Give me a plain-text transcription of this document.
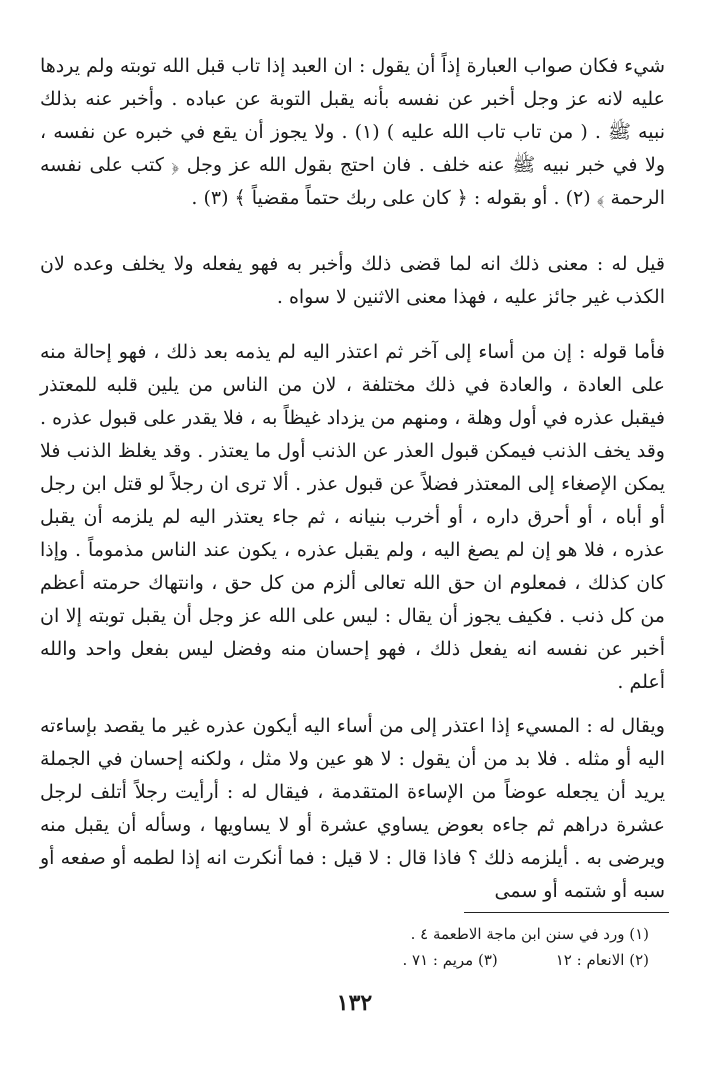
شيء فكان صواب العبارة إذاً أن يقول : ان العبد إذا تاب قبل الله توبته ولم يردها عليه لانه عز وجل أخبر عن نفسه بأنه يقبل التوبة عن عباده . وأخبر عنه بذلك نبيه ﷺ . ( من تاب تاب الله عليه ) (١) . ولا يجوز أن يقع في خبره عن نفسه ، ولا في خبر نبيه ﷺ عنه خلف . فان احتج بقول الله عز وجل ﴿ كتب على نفسه الرحمة ﴾ (٢) . أو بقوله : ﴿ كان على ربك حتماً مقضياً ﴾ (٣) .

قيل له : معنى ذلك انه لما قضى ذلك وأخبر به فهو يفعله ولا يخلف وعده لان الكذب غير جائز عليه ، فهذا معنى الاثنين لا سواه .

فأما قوله : إن من أساء إلى آخر ثم اعتذر اليه لم يذمه بعد ذلك ، فهو إحالة منه على العادة ، والعادة في ذلك مختلفة ، لان من الناس من يلين قلبه للمعتذر فيقبل عذره في أول وهلة ، ومنهم من يزداد غيظاً به ، فلا يقدر على قبول عذره . وقد يخف الذنب فيمكن قبول العذر عن الذنب أول ما يعتذر . وقد يغلظ الذنب فلا يمكن الإصغاء إلى المعتذر فضلاً عن قبول عذر . ألا ترى ان رجلاً لو قتل ابن رجل أو أباه ، أو أحرق داره ، أو أخرب بنيانه ، ثم جاء يعتذر اليه لم يلزمه أن يقبل عذره ، فلا هو إن لم يصغ اليه ، ولم يقبل عذره ، يكون عند الناس مذموماً . وإذا كان كذلك ، فمعلوم ان حق الله تعالى ألزم من كل حق ، وانتهاك حرمته أعظم من كل ذنب . فكيف يجوز أن يقال : ليس على الله عز وجل أن يقبل توبته إلا ان أخبر عن نفسه انه يفعل ذلك ، فهو إحسان منه وفضل ليس بفعل واحد والله أعلم .

ويقال له : المسيء إذا اعتذر إلى من أساء اليه أيكون عذره غير ما يقصد بإساءته اليه أو مثله . فلا بد من أن يقول : لا هو عين ولا مثل ، ولكنه إحسان في الجملة يريد أن يجعله عوضاً من الإساءة المتقدمة ، فيقال له : أرأيت رجلاً أتلف لرجل عشرة دراهم ثم جاءه بعوض يساوي عشرة أو لا يساويها ، وسأله أن يقبل منه ويرضى به . أيلزمه ذلك ؟ فاذا قال : لا قيل : فما أنكرت انه إذا لطمه أو صفعه أو سبه أو شتمه أو سمى

(١) ورد في سنن ابن ماجة الاطعمة ٤ .
(٢) الانعام : ١٢(٣) مريم : ٧١ .
١٣٢
